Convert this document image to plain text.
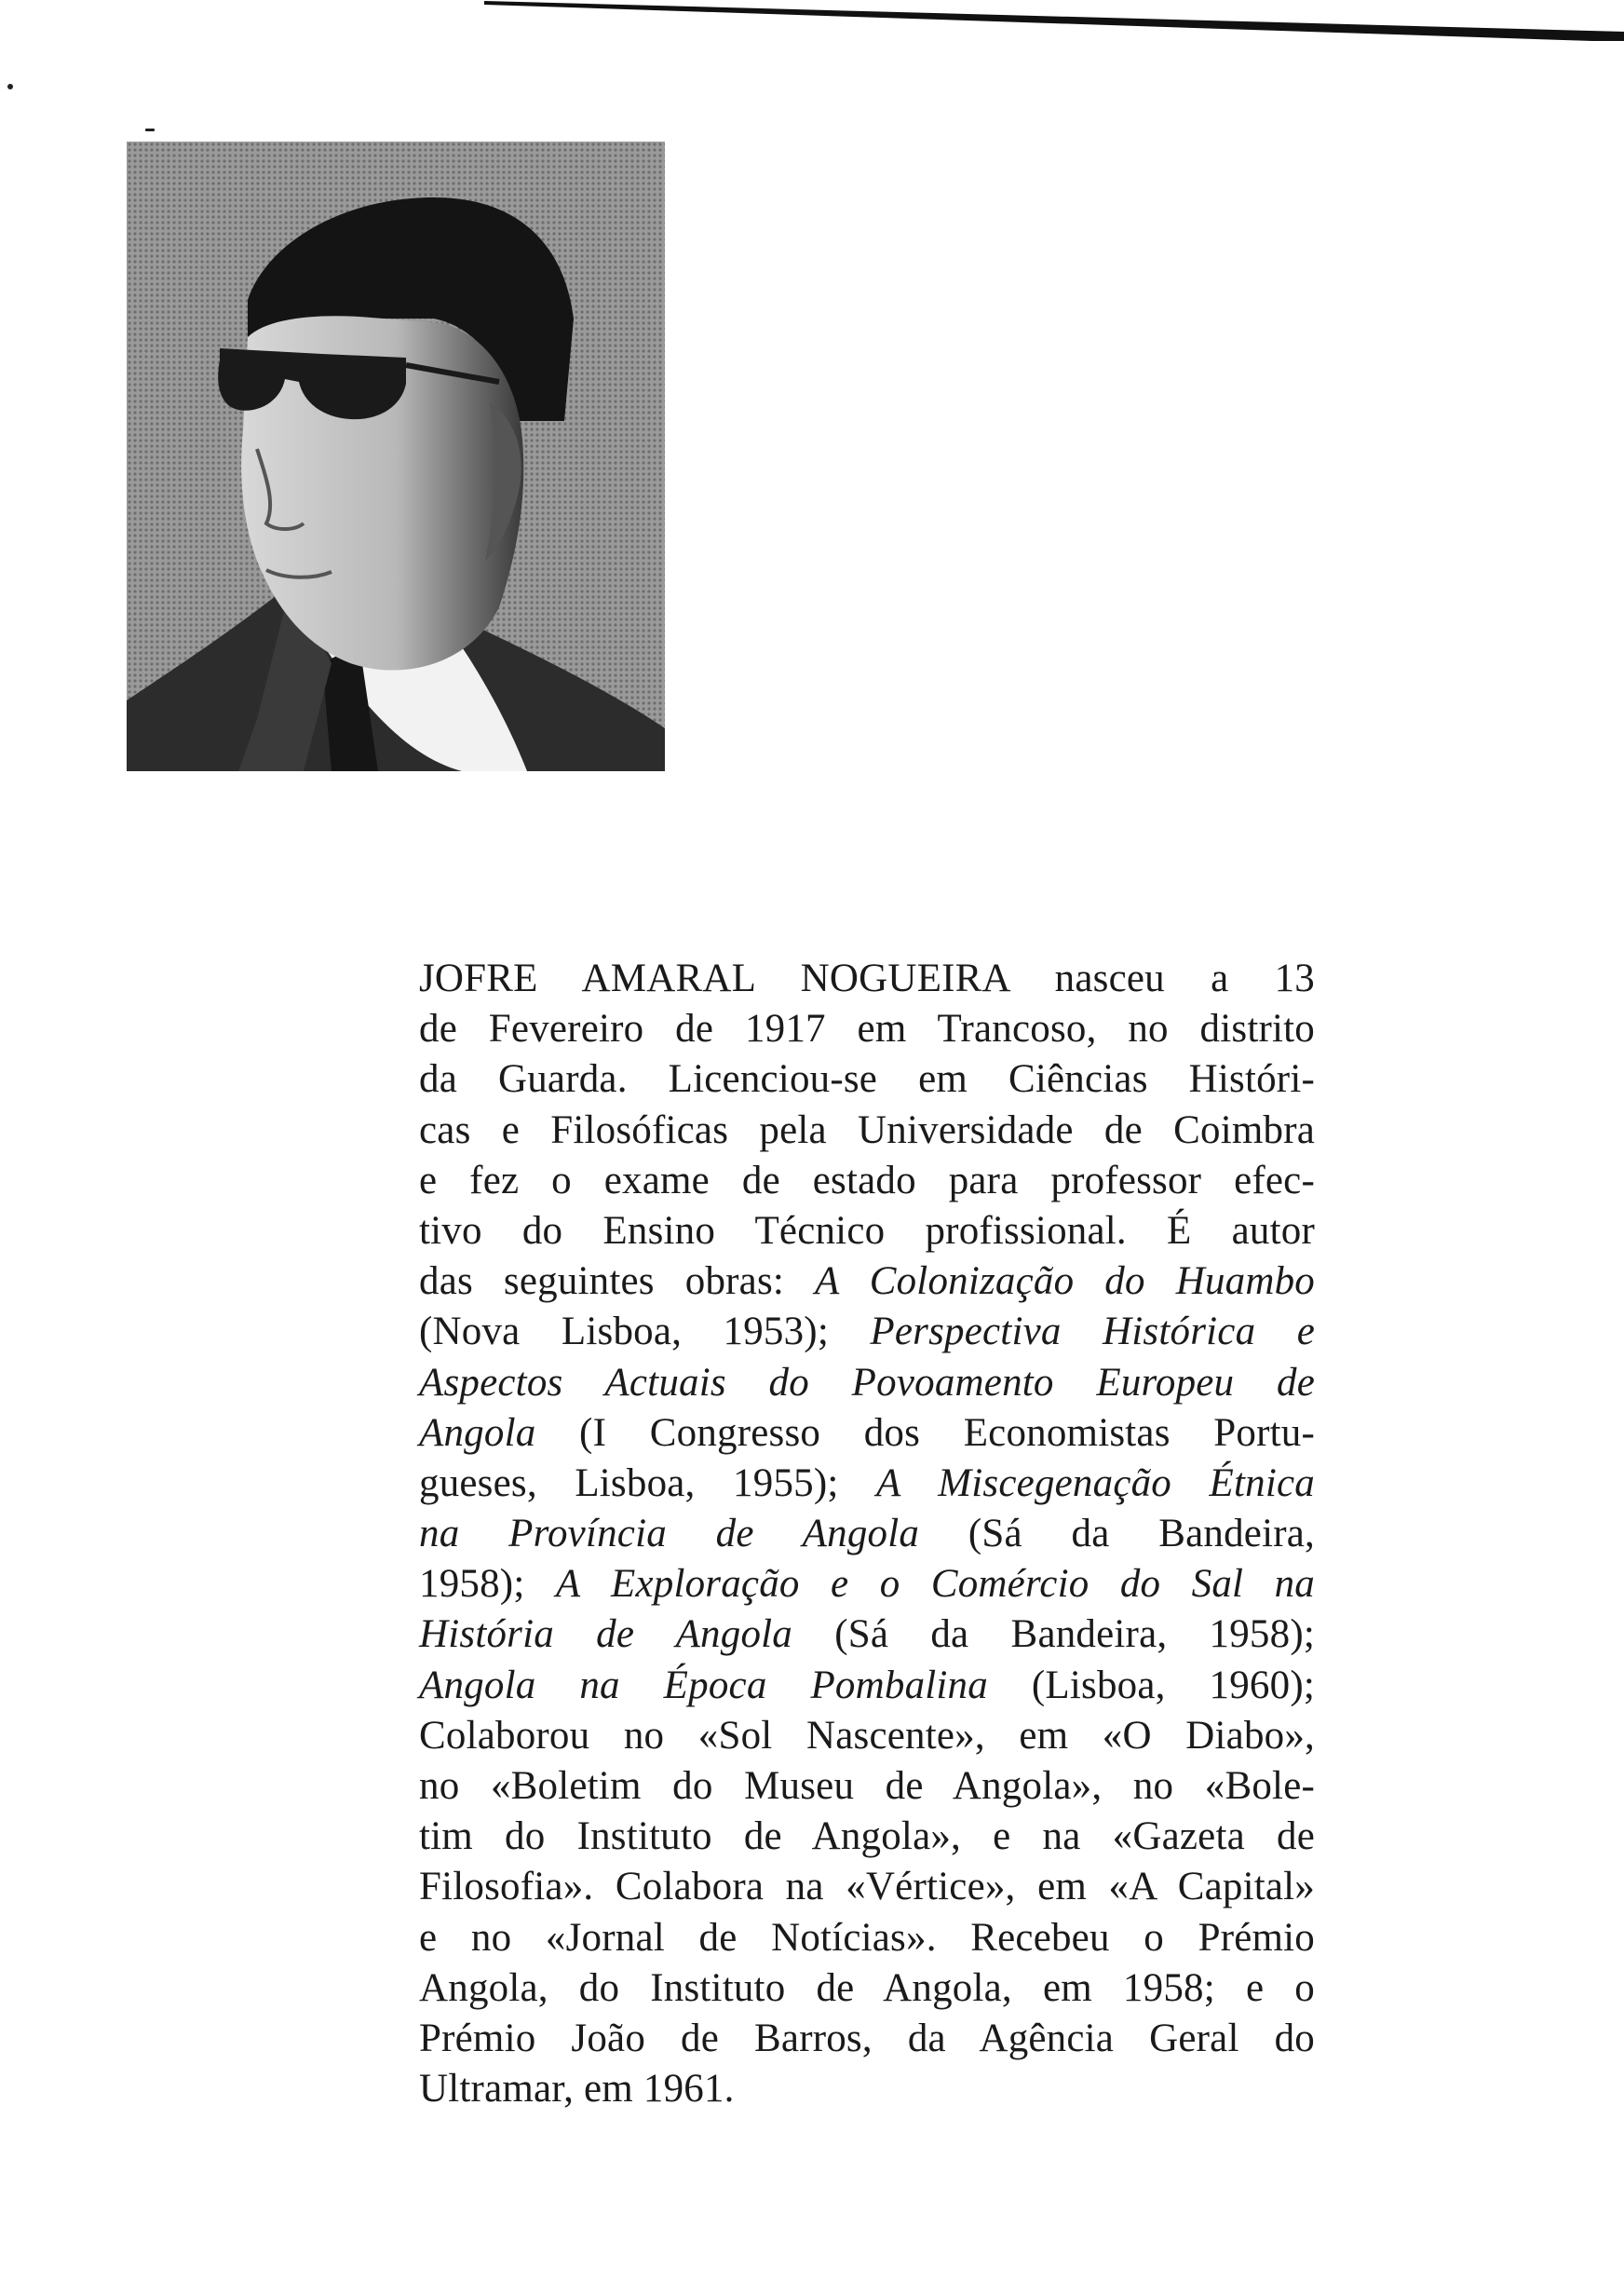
JOFRE AMARAL NOGUEIRA nasceu a 13
de Fevereiro de 1917 em Trancoso, no distrito
da Guarda. Licenciou-se em Ciências Históri-
cas e Filosóficas pela Universidade de Coimbra
e fez o exame de estado para professor efec-
tivo do Ensino Técnico profissional. É autor
das seguintes obras: A Colonização do Huambo
(Nova Lisboa, 1953); Perspectiva Histórica e
Aspectos Actuais do Povoamento Europeu de
Angola (I Congresso dos Economistas Portu-
gueses, Lisboa, 1955); A Miscegenação Étnica
na Província de Angola (Sá da Bandeira,
1958); A Exploração e o Comércio do Sal na
História de Angola (Sá da Bandeira, 1958);
Angola na Época Pombalina (Lisboa, 1960);
Colaborou no «Sol Nascente», em «O Diabo»,
no «Boletim do Museu de Angola», no «Bole-
tim do Instituto de Angola», e na «Gazeta de
Filosofia». Colabora na «Vértice», em «A Capital»
e no «Jornal de Notícias». Recebeu o Prémio
Angola, do Instituto de Angola, em 1958; e o
Prémio João de Barros, da Agência Geral do
Ultramar, em 1961.
